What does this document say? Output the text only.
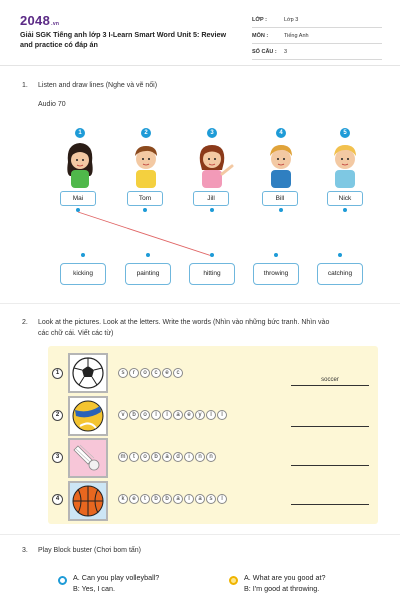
2048.vn
Giải SGK Tiếng anh lớp 3 I-Learn Smart Word Unit 5: Review and practice có đáp án
LỚP :	Lớp 3
MÔN :	Tiếng Anh
SỐ CÂU :	3
1. Listen and draw lines (Nghe và vẽ nối)
Audio 70
1
Mai
2
Tom
3
Jill
4
Bill
5
Nick
kicking	painting	hitting	throwing	catching
2. Look at the pictures. Look at the letters. Write the words (Nhìn vào những bức tranh. Nhìn vào
các chữ cái. Viết các từ)
1	s	r	o	c	e	c
soccer
2	v	b	o	l	l	a	e	y	l	l
3	m	t	o	b	a	d	i	n	n
4	k	e	t	b	b	a	l	a	s	l
3. Play Block buster (Chơi bom tấn)
A. Can you play volleyball?
B: Yes, I can.
A. What are you good at?
B: I'm good at throwing.
